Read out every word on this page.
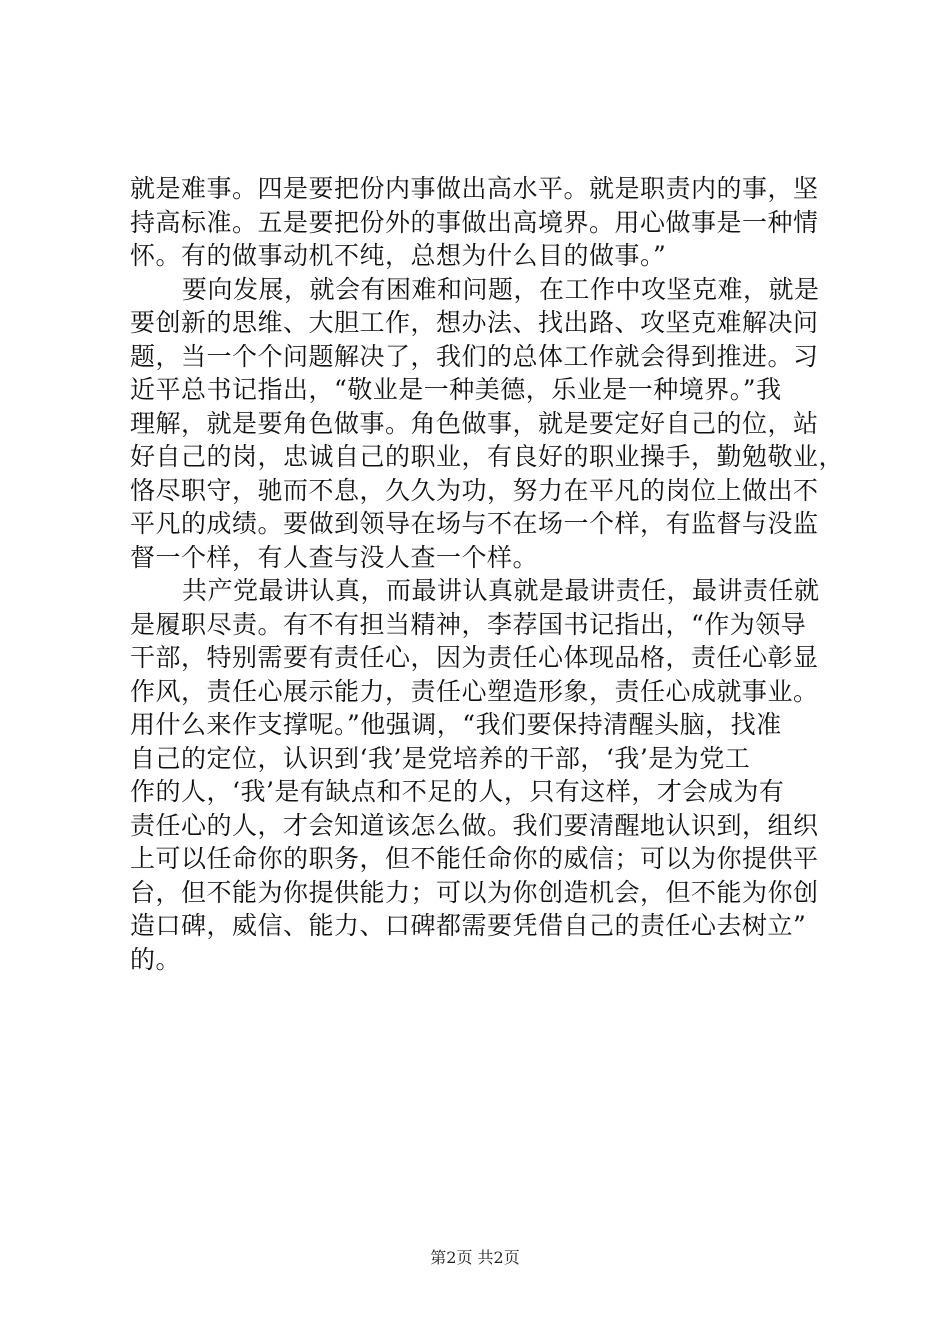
就是难事。四是要把份内事做出高水平。就是职责内的事，坚
持高标准。五是要把份外的事做出高境界。用心做事是一种情
怀。有的做事动机不纯，总想为什么目的做事。”
要向发展，就会有困难和问题，在工作中攻坚克难，就是
要创新的思维、大胆工作，想办法、找出路、攻坚克难解决问
题，当一个个问题解决了，我们的总体工作就会得到推进。习
近平总书记指出，“敬业是一种美德，乐业是一种境界。”我
理解，就是要角色做事。角色做事，就是要定好自己的位，站
好自己的岗，忠诚自己的职业，有良好的职业操手，勤勉敬业，
恪尽职守，驰而不息，久久为功，努力在平凡的岗位上做出不
平凡的成绩。要做到领导在场与不在场一个样，有监督与没监
督一个样，有人查与没人查一个样。
共产党最讲认真，而最讲认真就是最讲责任，最讲责任就
是履职尽责。有不有担当精神，李荐国书记指出，“作为领导
干部，特别需要有责任心，因为责任心体现品格，责任心彰显
作风，责任心展示能力，责任心塑造形象，责任心成就事业。
用什么来作支撑呢。”他强调，“我们要保持清醒头脑，找准
自己的定位，认识到‘我’是党培养的干部，‘我’是为党工
作的人，‘我’是有缺点和不足的人，只有这样，才会成为有
责任心的人，才会知道该怎么做。我们要清醒地认识到，组织
上可以任命你的职务，但不能任命你的威信；可以为你提供平
台，但不能为你提供能力；可以为你创造机会，但不能为你创
造口碑，威信、能力、口碑都需要凭借自己的责任心去树立”
的。
第2页 共2页
